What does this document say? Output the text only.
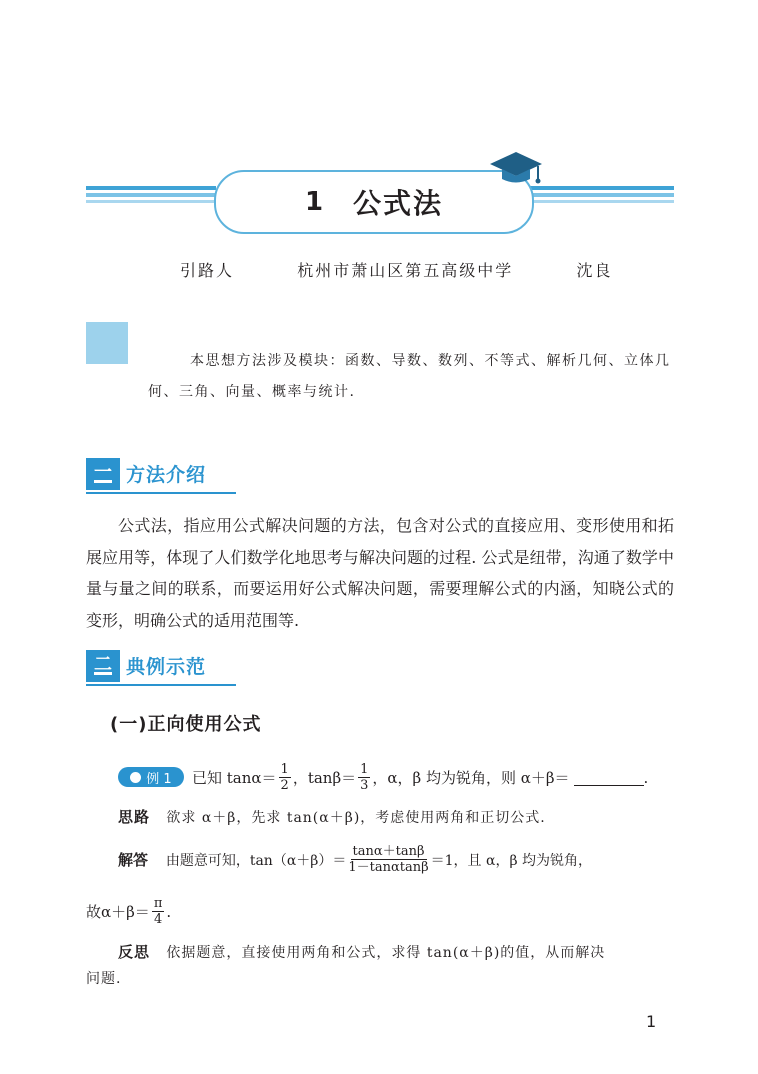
1 公式法
引路人   杭州市萧山区第五高级中学   沈良
本思想方法涉及模块：函数、导数、数列、不等式、解析几何、立体几何、三角、向量、概率与统计.
一 方法介绍
公式法，指应用公式解决问题的方法，包含对公式的直接应用、变形使用和拓展应用等，体现了人们数学化地思考与解决问题的过程. 公式是纽带，沟通了数学中量与量之间的联系，而要运用好公式解决问题，需要理解公式的内涵，知晓公式的变形，明确公式的适用范围等.
二 典例示范
(一)正向使用公式
例 1 已知 $\tan\alpha= \frac{1}{2}$ ，$\tan\beta= \frac{1}{3}$ ，α，β 均为锐角，则 α＋β＝	.
思路 欲求 α＋β，先求 tan(α＋β)，考虑使用两角和正切公式.
解答
由题意可知，$\tan(\alpha+\beta)= \frac{\tan\alpha+\tan\beta}{1-\tan\alpha\tan\beta} =1$，且 α，β 均为锐角，
故$\alpha+\beta= \frac{\pi}{4}$ .
反思 依据题意，直接使用两角和公式，求得 tan(α＋β)的值，从而解决
问题.
1
